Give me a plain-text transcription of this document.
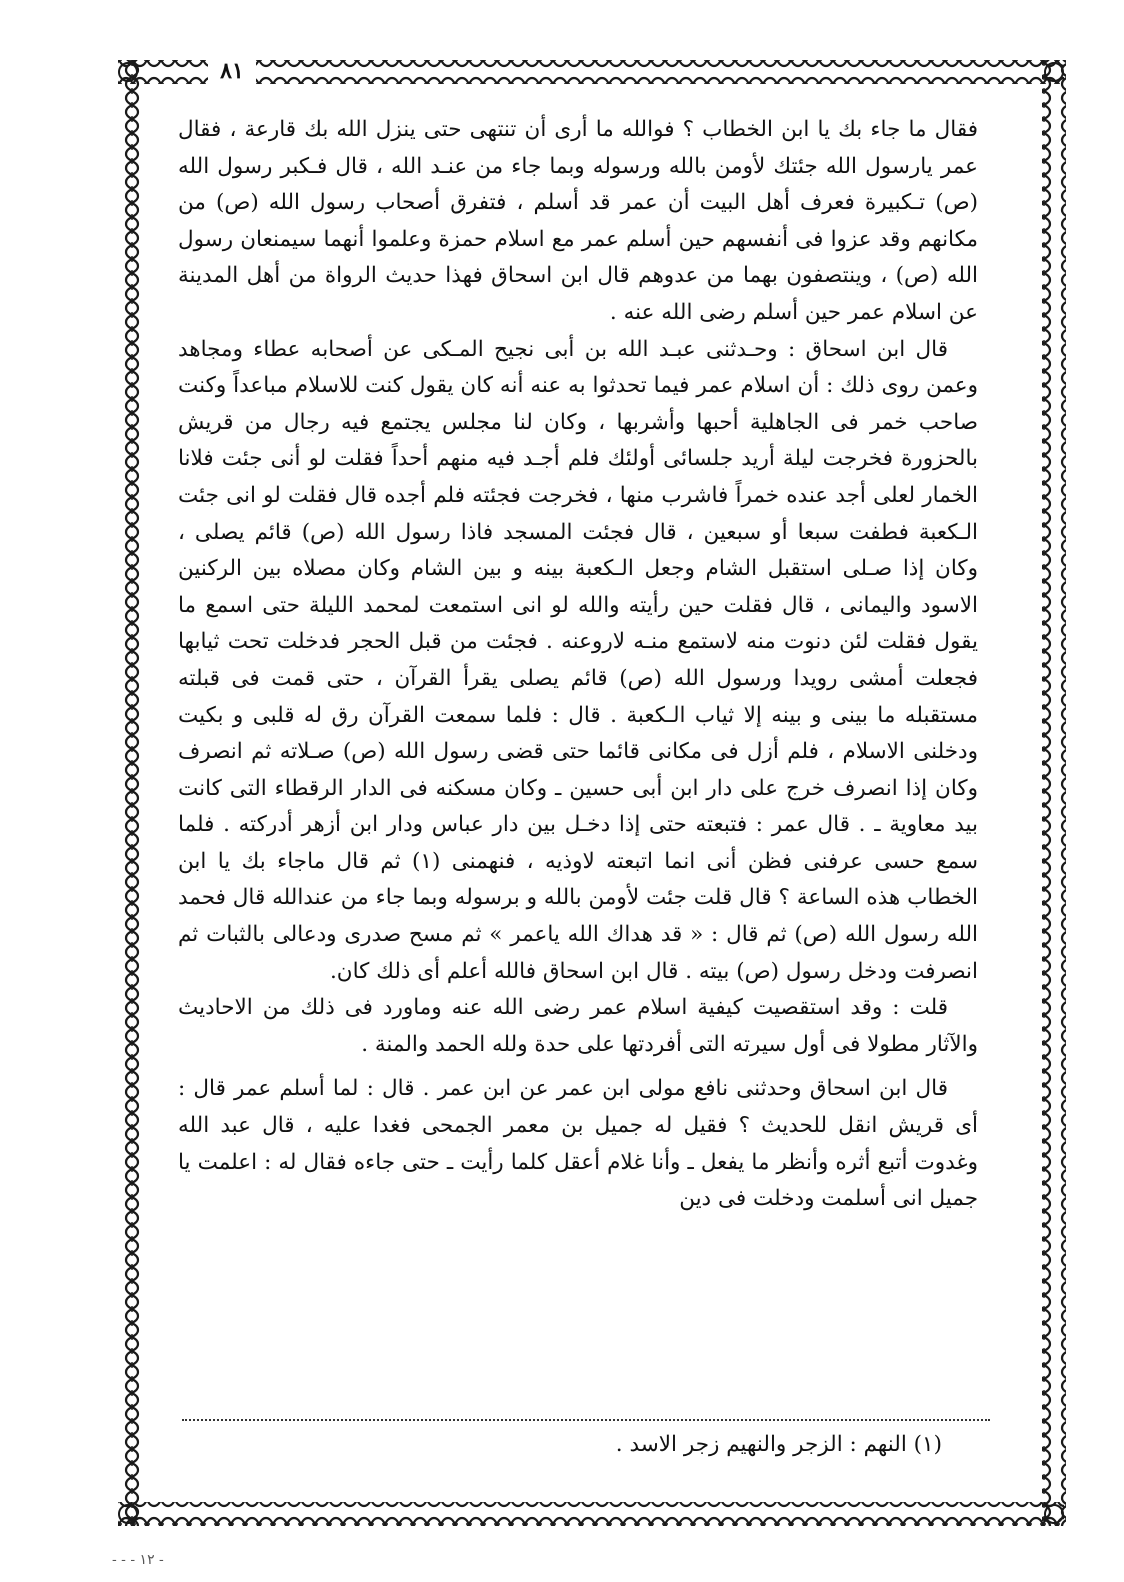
٨١

فقال ما جاء بك يا ابن الخطاب ؟ فوالله ما أرى أن تنتهى حتى ينزل الله بك قارعة ، فقال عمر يارسول الله جئتك لأومن بالله ورسوله وبما جاء من عنـد الله ، قال فـكبر رسول الله (ص) تـكبيرة فعرف أهل البيت أن عمر قد أسلم ، فتفرق أصحاب رسول الله (ص) من مكانهم وقد عزوا فى أنفسهم حين أسلم عمر مع اسلام حمزة وعلموا أنهما سيمنعان رسول الله (ص) ، وينتصفون بهما من عدوهم قال ابن اسحاق فهذا حديث الرواة من أهل المدينة عن اسلام عمر حين أسلم رضى الله عنه .

قال ابن اسحاق : وحـدثنى عبـد الله بن أبى نجيح المـكى عن أصحابه عطاء ومجاهد وعمن روى ذلك : أن اسلام عمر فيما تحدثوا به عنه أنه كان يقول كنت للاسلام مباعداً وكنت صاحب خمر فى الجاهلية أحبها وأشربها ، وكان لنا مجلس يجتمع فيه رجال من قريش بالحزورة فخرجت ليلة أريد جلسائى أولئك فلم أجـد فيه منهم أحداً فقلت لو أنى جئت فلانا الخمار لعلى أجد عنده خمراً فاشرب منها ، فخرجت فجئته فلم أجده قال فقلت لو انى جئت الـكعبة فطفت سبعا أو سبعين ، قال فجئت المسجد فاذا رسول الله (ص) قائم يصلى ، وكان إذا صـلى استقبل الشام وجعل الـكعبة بينه و بين الشام وكان مصلاه بين الركنين الاسود واليمانى ، قال فقلت حين رأيته والله لو انى استمعت لمحمد الليلة حتى اسمع ما يقول فقلت لئن دنوت منه لاستمع منـه لاروعنه . فجئت من قبل الحجر فدخلت تحت ثيابها فجعلت أمشى رويدا ورسول الله (ص) قائم يصلى يقرأ القرآن ، حتى قمت فى قبلته مستقبله ما بينى و بينه إلا ثياب الـكعبة . قال : فلما سمعت القرآن رق له قلبى و بكيت ودخلنى الاسلام ، فلم أزل فى مكانى قائما حتى قضى رسول الله (ص) صـلاته ثم انصرف وكان إذا انصرف خرج على دار ابن أبى حسين ـ وكان مسكنه فى الدار الرقطاء التى كانت بيد معاوية ـ . قال عمر : فتبعته حتى إذا دخـل بين دار عباس ودار ابن أزهر أدركته . فلما سمع حسى عرفنى فظن أنى انما اتبعته لاوذيه ، فنهمنى (١) ثم قال ماجاء بك يا ابن الخطاب هذه الساعة ؟ قال قلت جئت لأومن بالله و برسوله وبما جاء من عندالله قال فحمد الله رسول الله (ص) ثم قال : « قد هداك الله ياعمر » ثم مسح صدرى ودعالى بالثبات ثم انصرفت ودخل رسول (ص) بيته . قال ابن اسحاق فالله أعلم أى ذلك كان.

قلت : وقد استقصيت كيفية اسلام عمر رضى الله عنه وماورد فى ذلك من الاحاديث والآثار مطولا فى أول سيرته التى أفردتها على حدة ولله الحمد والمنة .

قال ابن اسحاق وحدثنى نافع مولى ابن عمر عن ابن عمر . قال : لما أسلم عمر قال : أى قريش انقل للحديث ؟ فقيل له جميل بن معمر الجمحى فغدا عليه ، قال عبد الله وغدوت أتبع أثره وأنظر ما يفعل ـ وأنا غلام أعقل كلما رأيت ـ حتى جاءه فقال له : اعلمت يا جميل انى أسلمت ودخلت فى دين

(١) النهم : الزجر والنهيم زجر الاسد .
- - - ١٢ -
